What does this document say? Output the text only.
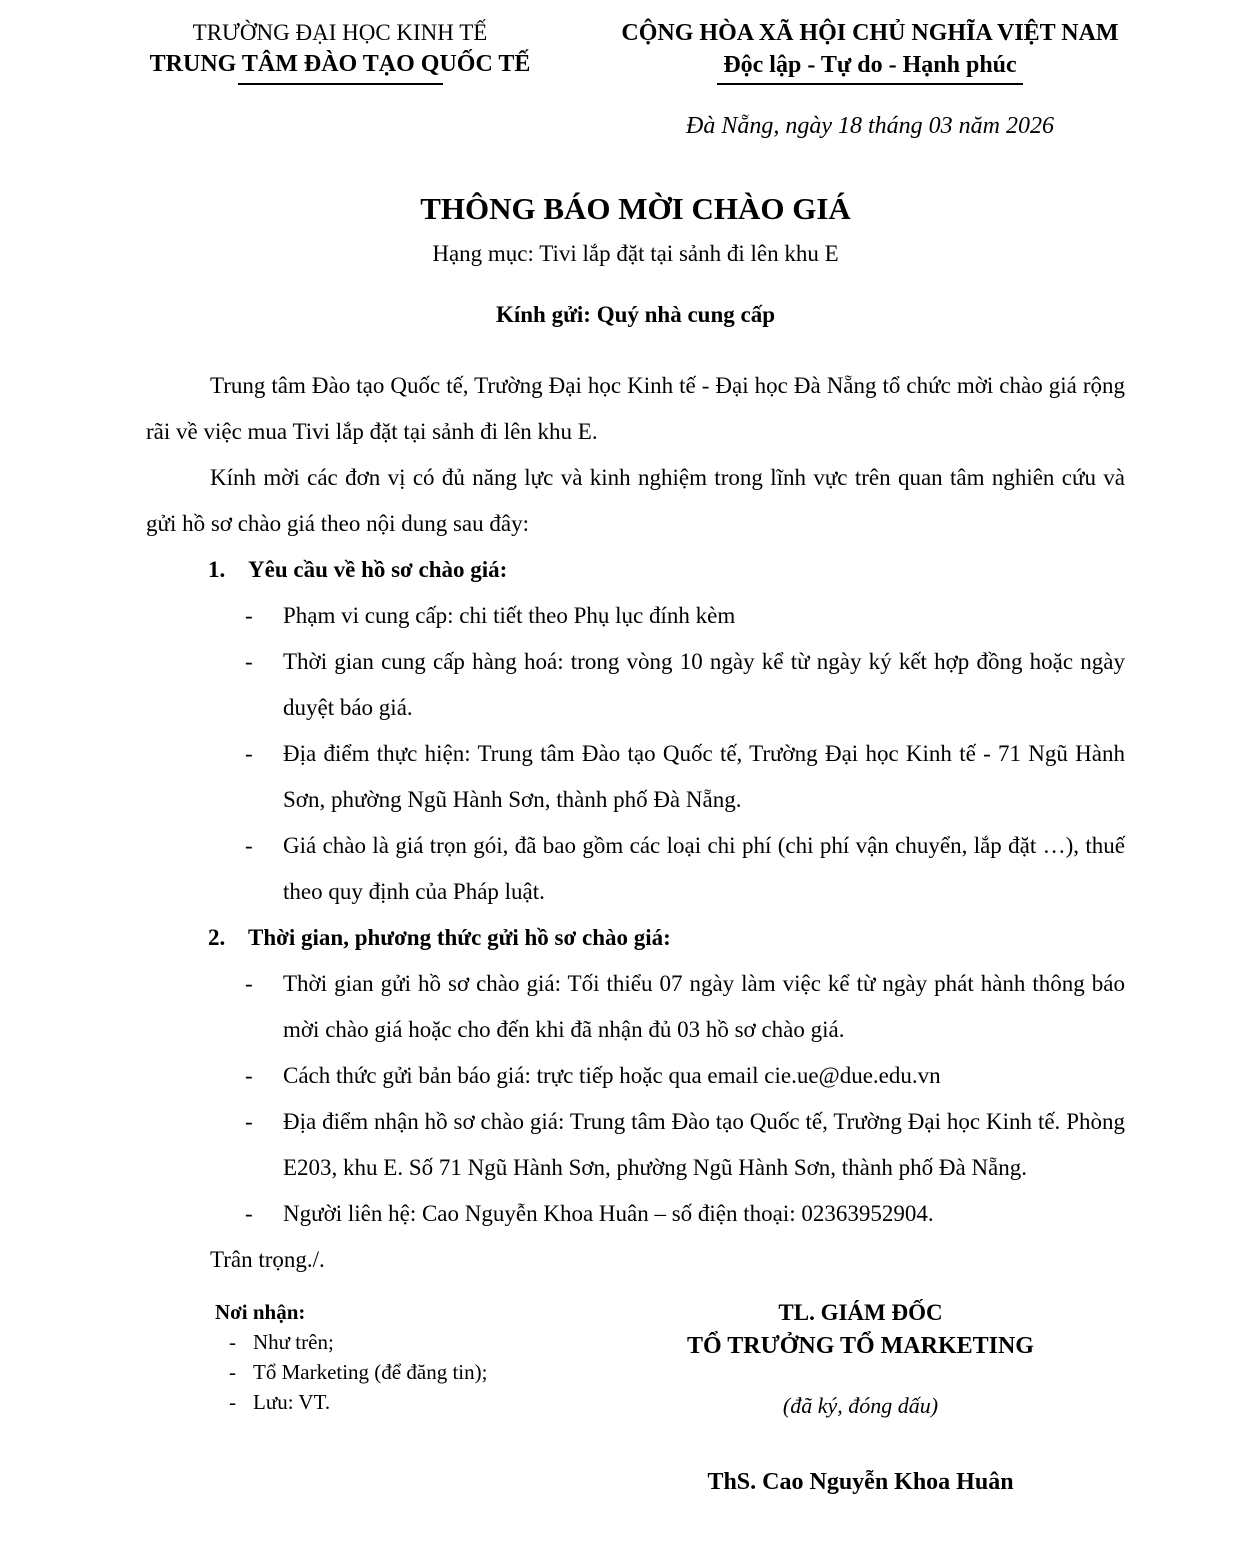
TRƯỜNG ĐẠI HỌC KINH TẾ
TRUNG TÂM ĐÀO TẠO QUỐC TẾ
CỘNG HÒA XÃ HỘI CHỦ NGHĨA VIỆT NAM
Độc lập - Tự do - Hạnh phúc
Đà Nẵng, ngày 18 tháng 03 năm 2026
THÔNG BÁO MỜI CHÀO GIÁ
Hạng mục: Tivi lắp đặt tại sảnh đi lên khu E
Kính gửi: Quý nhà cung cấp

Trung tâm Đào tạo Quốc tế, Trường Đại học Kinh tế - Đại học Đà Nẵng tổ chức mời chào giá rộng rãi về việc mua Tivi lắp đặt tại sảnh đi lên khu E.

Kính mời các đơn vị có đủ năng lực và kinh nghiệm trong lĩnh vực trên quan tâm nghiên cứu và gửi hồ sơ chào giá theo nội dung sau đây:

1. Yêu cầu về hồ sơ chào giá:

- Phạm vi cung cấp: chi tiết theo Phụ lục đính kèm

- Thời gian cung cấp hàng hoá: trong vòng 10 ngày kể từ ngày ký kết hợp đồng hoặc ngày duyệt báo giá.

- Địa điểm thực hiện: Trung tâm Đào tạo Quốc tế, Trường Đại học Kinh tế - 71 Ngũ Hành Sơn, phường Ngũ Hành Sơn, thành phố Đà Nẵng.

- Giá chào là giá trọn gói, đã bao gồm các loại chi phí (chi phí vận chuyển, lắp đặt …), thuế theo quy định của Pháp luật.

2. Thời gian, phương thức gửi hồ sơ chào giá:

- Thời gian gửi hồ sơ chào giá: Tối thiểu 07 ngày làm việc kể từ ngày phát hành thông báo mời chào giá hoặc cho đến khi đã nhận đủ 03 hồ sơ chào giá.

- Cách thức gửi bản báo giá: trực tiếp hoặc qua email cie.ue@due.edu.vn

- Địa điểm nhận hồ sơ chào giá: Trung tâm Đào tạo Quốc tế, Trường Đại học Kinh tế. Phòng E203, khu E. Số 71 Ngũ Hành Sơn, phường Ngũ Hành Sơn, thành phố Đà Nẵng.

- Người liên hệ: Cao Nguyễn Khoa Huân – số điện thoại: 02363952904.

Trân trọng./.

Nơi nhận:
- Như trên;
- Tổ Marketing (để đăng tin);
- Lưu: VT.
TL. GIÁM ĐỐC
TỔ TRƯỞNG TỔ MARKETING
(đã ký, đóng dấu)
ThS. Cao Nguyễn Khoa Huân
